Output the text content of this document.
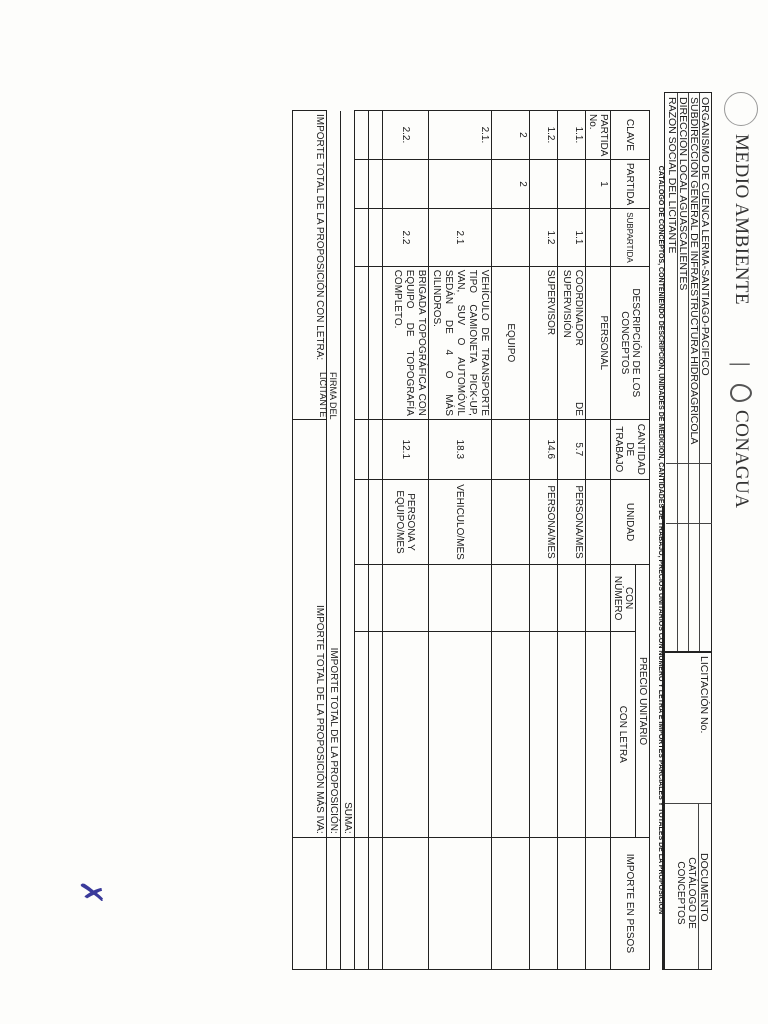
MEDIO AMBIENTE
|
CONAGUA
ORGANISMO DE CUENCA LERMA-SANTIAGO-PACIFICO
SUBDIRECCIÓN GENERAL DE INFRAESTRUCTURA HIDROAGRÍCOLA
DIRECCIÓN LOCAL AGUASCALIENTES
RAZÓN SOCIAL DEL LICITANTE
FIRMA DEL LICITANTE
LICITACIÓN No.
DOCUMENTO
CATÁLOGO DE CONCEPTOS
CATÁLOGO DE CONCEPTOS, CONTENIENDO DESCRIPCIÓN, UNIDADES DE MEDICIÓN, CANTIDADES DE TRABAJO, PRECIOS UNITARIOS CON NÚMERO Y LETRA E IMPORTES PARCIALES Y TOTALES DE LA PROPOSICIÓN
CLAVE	PARTIDA	SUBPARTIDA	DESCRIPCIÓN DE LOS CONCEPTOS	CANTIDAD DE TRABAJO	UNIDAD	PRECIO UNITARIO		IMPORTE EN PESOS
						CON NÚMERO	CON LETRA	
PARTIDA No.	1		PERSONAL					
1.1.		1.1	COORDINADOR DE SUPERVISIÓN	5.7	PERSONA/MES			
1.2.		1.2	SUPERVISOR	14.6	PERSONA/MES			
2	2		EQUIPO					
2.1.		2.1	VEHÍCULO DE TRANSPORTE TIPO CAMIONETA PICK-UP, VAN, SUV O AUTOMÓVIL SEDÁN DE 4 O MÁS CILINDROS.	18.3	VEHICULO/MES			
2.2.		2.2	BRIGADA TOPOGRÁFICA CON EQUIPO DE TOPOGRAFÍA COMPLETO.	12.1	PERSONA Y EQUIPO/MES			

SUMA:								
IMPORTE TOTAL DE LA PROPOSICIÓN:								
IMPORTE TOTAL DE LA PROPOSICIÓN CON LETRA:				IMPORTE TOTAL DE LA PROPOSICIÓN MÁS IVA:				
✗
